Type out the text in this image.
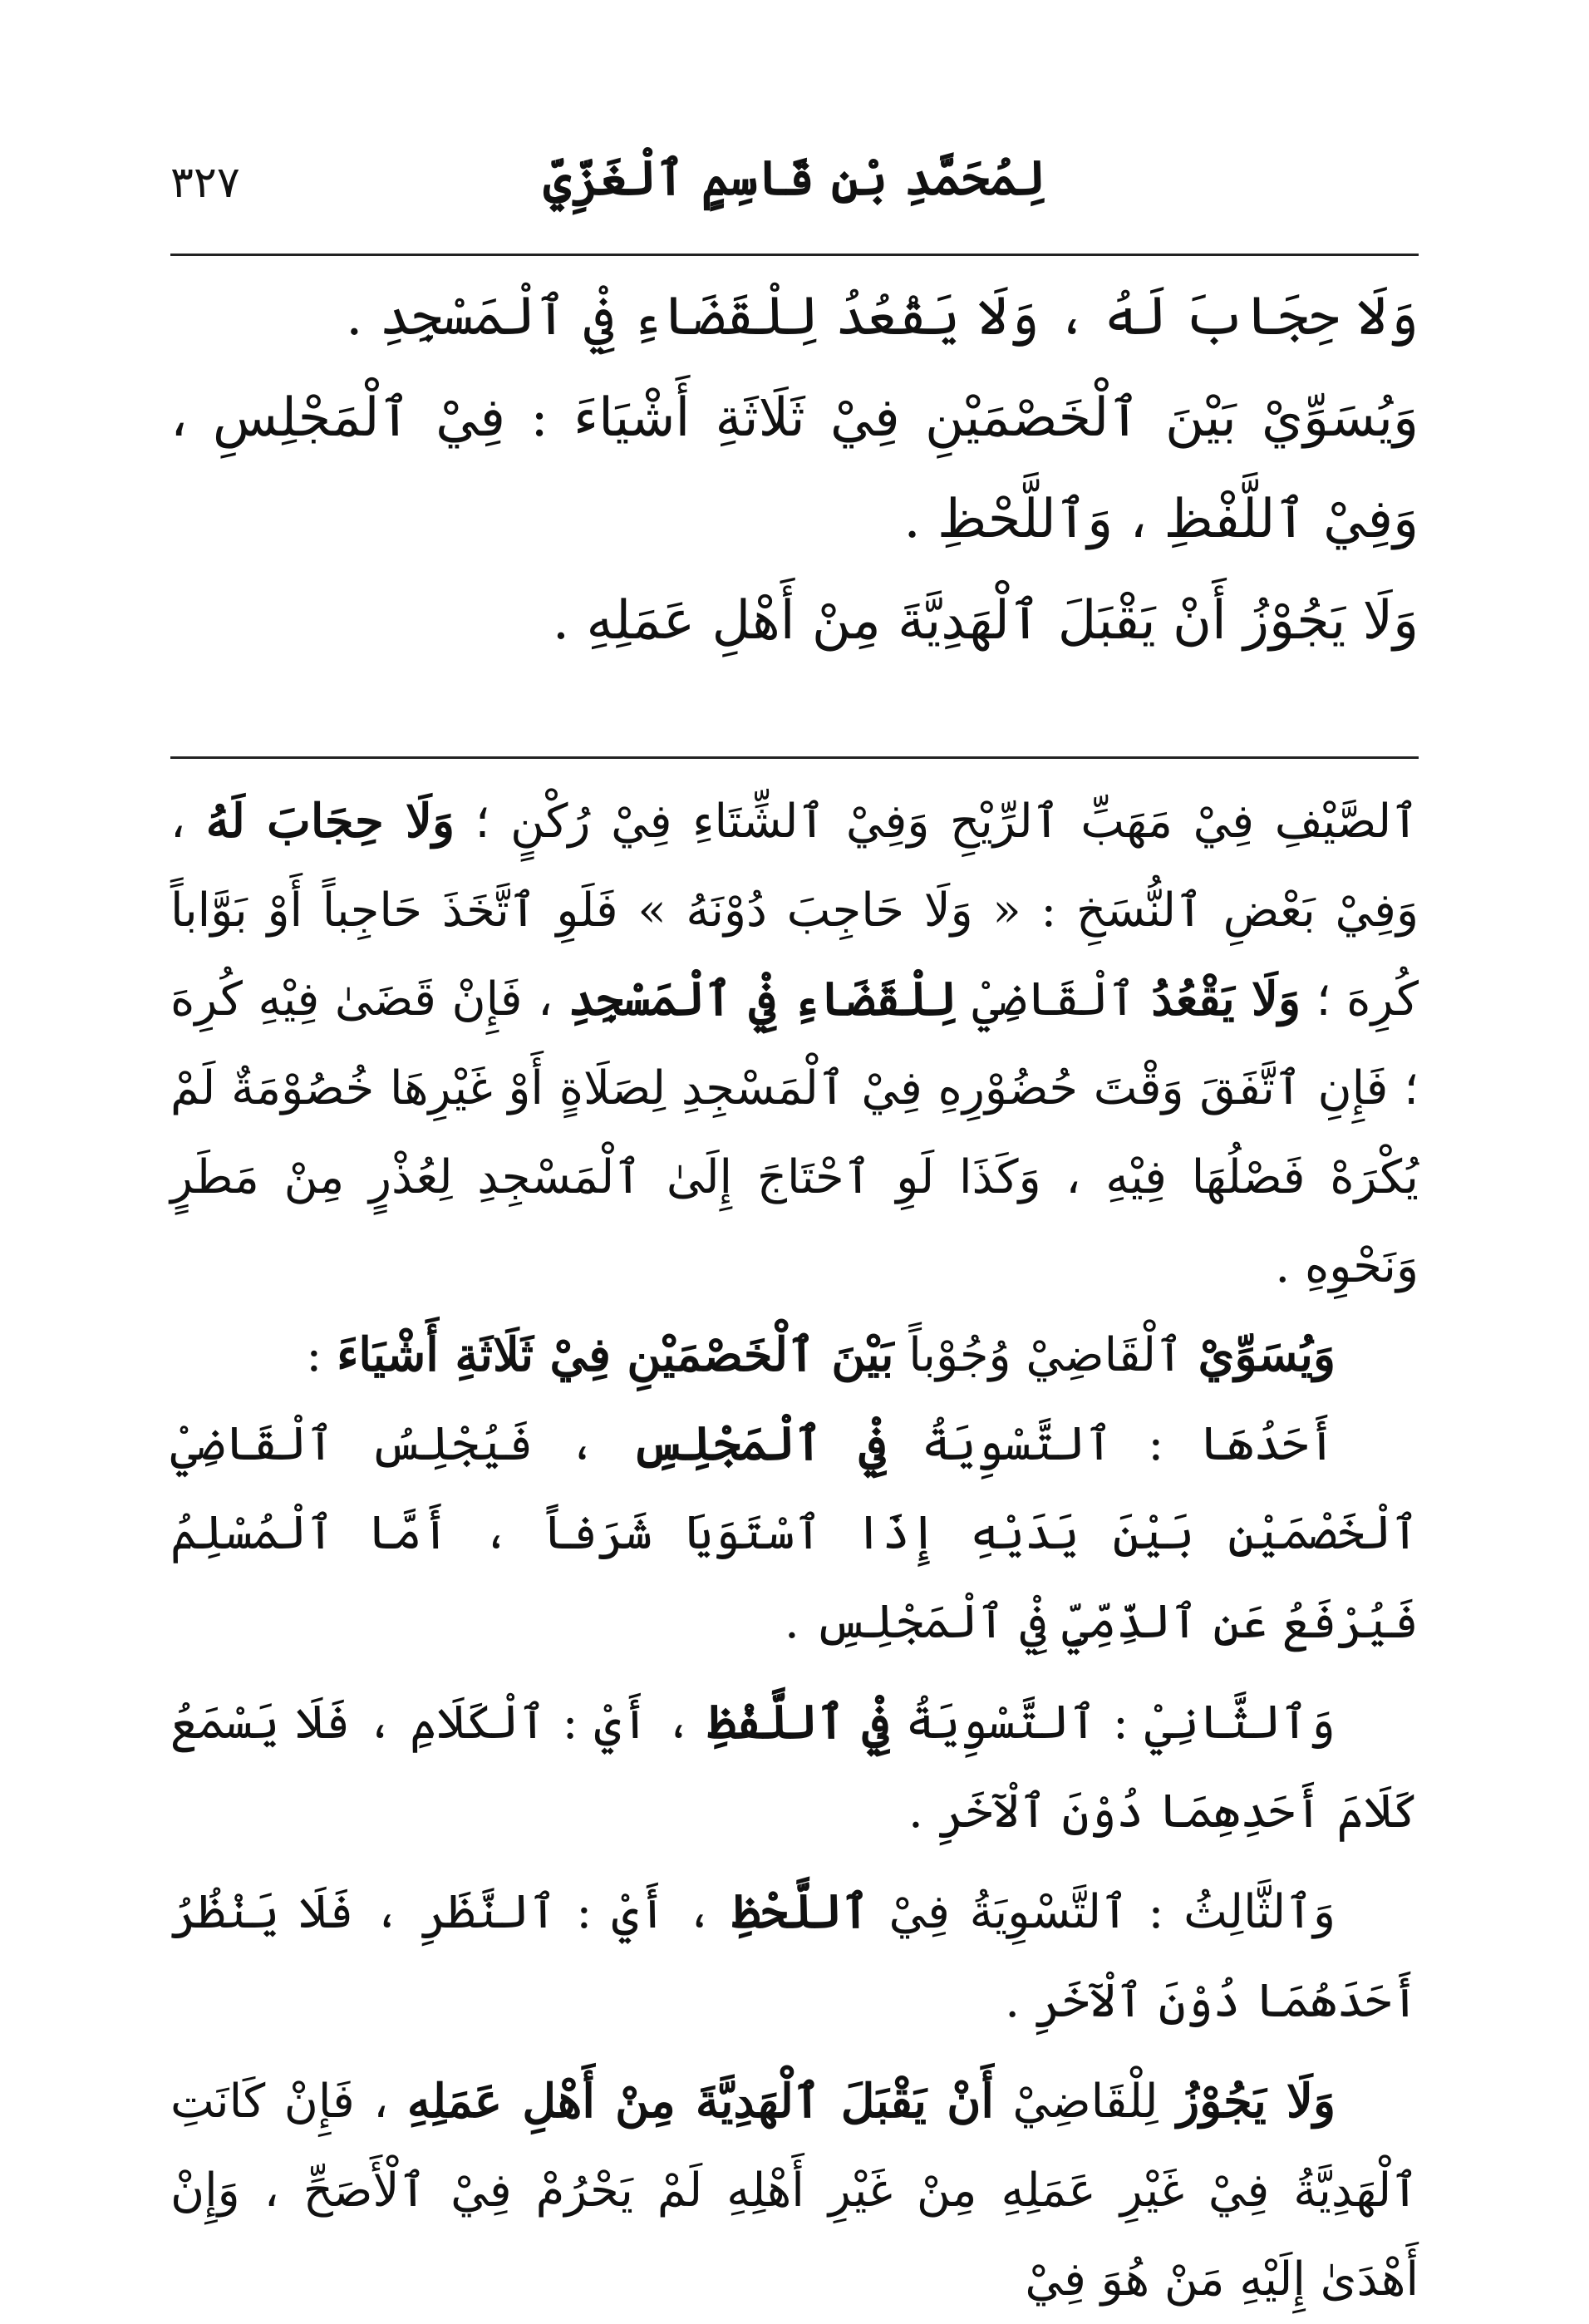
٣٢٧	لِمُحَمَّدِ بْنِ قَاسِمٍ ٱلْغَزِّيِّ

وَلَا حِجَابَ لَهُ ، وَلَا يَقْعُدُ لِلْقَضَاءِ فِيْ ٱلْمَسْجِدِ .

وَيُسَوِّيْ بَيْنَ ٱلْخَصْمَيْنِ فِيْ ثَلَاثَةِ أَشْيَاءَ : فِيْ ٱلْمَجْلِسِ ، وَفِيْ ٱللَّفْظِ ، وَٱللَّحْظِ .

وَلَا يَجُوْزُ أَنْ يَقْبَلَ ٱلْهَدِيَّةَ مِنْ أَهْلِ عَمَلِهِ .

ٱلصَّيْفِ فِيْ مَهَبِّ ٱلرِّيْحِ وَفِيْ ٱلشِّتَاءِ فِيْ رُكْنٍ ؛ وَلَا حِجَابَ لَهُ ، وَفِيْ بَعْضِ ٱلنُّسَخِ : « وَلَا حَاجِبَ دُوْنَهُ » فَلَوِ ٱتَّخَذَ حَاجِباً أَوْ بَوَّاباً كُرِهَ ؛ وَلَا يَقْعُدُ ٱلْقَاضِيْ لِلْقَضَاءِ فِيْ ٱلْمَسْجِدِ ، فَإِنْ قَضَىٰ فِيْهِ كُرِهَ ؛ فَإِنِ ٱتَّفَقَ وَقْتَ حُضُوْرِهِ فِيْ ٱلْمَسْجِدِ لِصَلَاةٍ أَوْ غَيْرِهَا خُصُوْمَةٌ لَمْ يُكْرَهْ فَصْلُهَا فِيْهِ ، وَكَذَا لَوِ ٱحْتَاجَ إِلَىٰ ٱلْمَسْجِدِ لِعُذْرٍ مِنْ مَطَرٍ وَنَحْوِهِ .

وَيُسَوِّيْ ٱلْقَاضِيْ وُجُوْباً بَيْنَ ٱلْخَصْمَيْنِ فِيْ ثَلَاثَةِ أَشْيَاءَ :

أَحَدُهَا : ٱلتَّسْوِيَةُ فِيْ ٱلْمَجْلِسِ ، فَيُجْلِسُ ٱلْقَاضِيْ ٱلْخَصْمَيْنِ بَيْنَ يَدَيْهِ إِذَا ٱسْتَوَيَا شَرَفاً ، أَمَّا ٱلْمُسْلِمُ فَيُرْفَعُ عَنِ ٱلذِّمِّيِّ فِيْ ٱلْمَجْلِسِ .

وَٱلثَّانِيْ : ٱلتَّسْوِيَةُ فِيْ ٱللَّفْظِ ، أَيْ : ٱلْكَلَامِ ، فَلَا يَسْمَعُ كَلَامَ أَحَدِهِمَا دُوْنَ ٱلْآخَرِ .

وَٱلثَّالِثُ : ٱلتَّسْوِيَةُ فِيْ ٱللَّحْظِ ، أَيْ : ٱلنَّظَرِ ، فَلَا يَنْظُرُ أَحَدَهُمَا دُوْنَ ٱلْآخَرِ .

وَلَا يَجُوْزُ لِلْقَاضِيْ أَنْ يَقْبَلَ ٱلْهَدِيَّةَ مِنْ أَهْلِ عَمَلِهِ ، فَإِنْ كَانَتِ ٱلْهَدِيَّةُ فِيْ غَيْرِ عَمَلِهِ مِنْ غَيْرِ أَهْلِهِ لَمْ يَحْرُمْ فِيْ ٱلْأَصَحِّ ، وَإِنْ أَهْدَىٰ إِلَيْهِ مَنْ هُوَ فِيْ
